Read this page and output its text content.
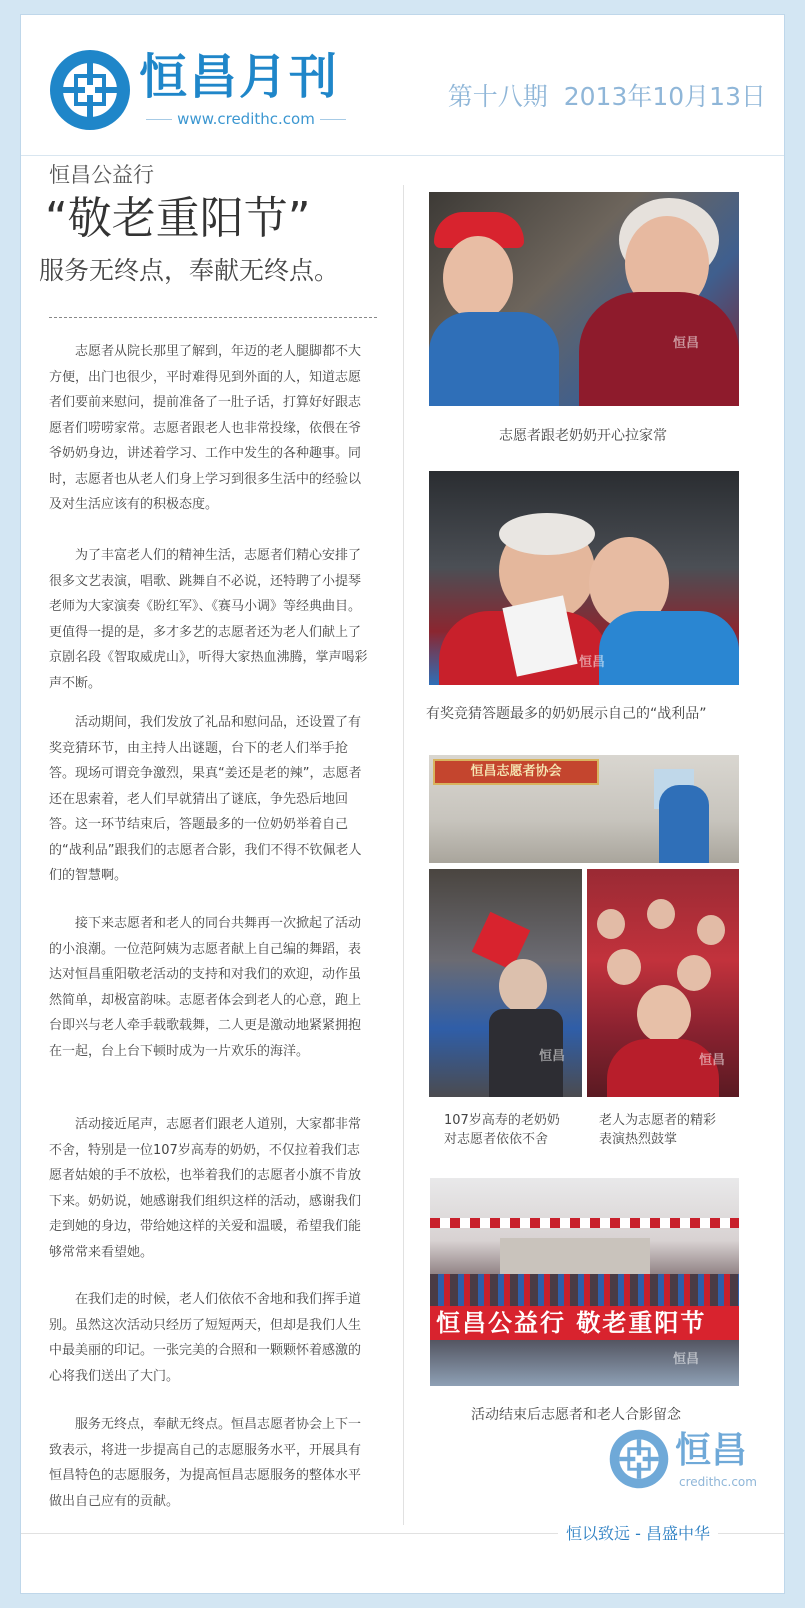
恒昌月刊
www.credithc.com
第十八期 2013年10月13日
恒昌公益行
“敬老重阳节”
服务无终点，奉献无终点。

志愿者从院长那里了解到，年迈的老人腿脚都不大方便，出门也很少，平时难得见到外面的人，知道志愿者们要前来慰问，提前准备了一肚子话，打算好好跟志愿者们唠唠家常。志愿者跟老人也非常投缘，依偎在爷爷奶奶身边，讲述着学习、工作中发生的各种趣事。同时，志愿者也从老人们身上学习到很多生活中的经验以及对生活应该有的积极态度。

为了丰富老人们的精神生活，志愿者们精心安排了很多文艺表演，唱歌、跳舞自不必说，还特聘了小提琴老师为大家演奏《盼红军》、《赛马小调》等经典曲目。更值得一提的是，多才多艺的志愿者还为老人们献上了京剧名段《智取威虎山》，听得大家热血沸腾，掌声喝彩声不断。

活动期间，我们发放了礼品和慰问品，还设置了有奖竞猜环节，由主持人出谜题，台下的老人们举手抢答。现场可谓竞争激烈，果真“姜还是老的辣”，志愿者还在思索着，老人们早就猜出了谜底，争先恐后地回答。这一环节结束后，答题最多的一位奶奶举着自己的“战利品”跟我们的志愿者合影，我们不得不钦佩老人们的智慧啊。

接下来志愿者和老人的同台共舞再一次掀起了活动的小浪潮。一位范阿姨为志愿者献上自己编的舞蹈，表达对恒昌重阳敬老活动的支持和对我们的欢迎，动作虽然简单，却极富韵味。志愿者体会到老人的心意，跑上台即兴与老人牵手载歌载舞，二人更是激动地紧紧拥抱在一起，台上台下顿时成为一片欢乐的海洋。

活动接近尾声，志愿者们跟老人道别，大家都非常不舍，特别是一位107岁高寿的奶奶，不仅拉着我们志愿者姑娘的手不放松，也举着我们的志愿者小旗不肯放下来。奶奶说，她感谢我们组织这样的活动，感谢我们走到她的身边，带给她这样的关爱和温暖，希望我们能够常常来看望她。

在我们走的时候，老人们依依不舍地和我们挥手道别。虽然这次活动只经历了短短两天，但却是我们人生中最美丽的印记。一张完美的合照和一颗颗怀着感激的心将我们送出了大门。

服务无终点，奉献无终点。恒昌志愿者协会上下一致表示，将进一步提高自己的志愿服务水平，开展具有恒昌特色的志愿服务，为提高恒昌志愿服务的整体水平做出自己应有的贡献。

恒昌
志愿者跟老奶奶开心拉家常
恒昌
有奖竞猜答题最多的奶奶展示自己的“战利品”
恒昌志愿者协会
恒昌	恒昌
107岁高寿的老奶奶
对志愿者依依不舍
老人为志愿者的精彩
表演热烈鼓掌
恒昌公益行 敬老重阳节
恒昌
活动结束后志愿者和老人合影留念
恒昌
credithc.com
恒以致远 - 昌盛中华
